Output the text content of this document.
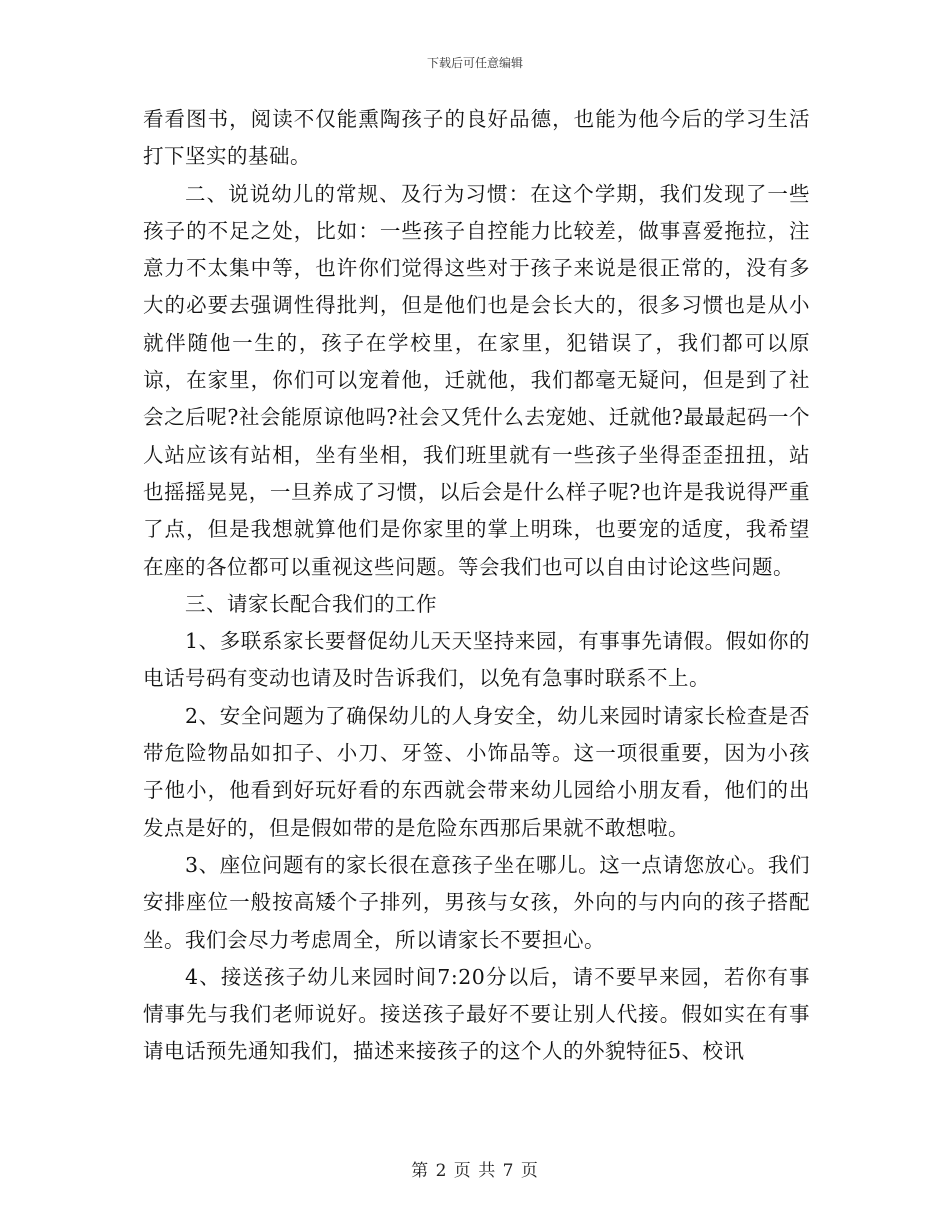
下载后可任意编辑

看看图书，阅读不仅能熏陶孩子的良好品德，也能为他今后的学习生活打下坚实的基础。

二、说说幼儿的常规、及行为习惯：在这个学期，我们发现了一些孩子的不足之处，比如：一些孩子自控能力比较差，做事喜爱拖拉，注意力不太集中等，也许你们觉得这些对于孩子来说是很正常的，没有多大的必要去强调性得批判，但是他们也是会长大的，很多习惯也是从小就伴随他一生的，孩子在学校里，在家里，犯错误了，我们都可以原谅，在家里，你们可以宠着他，迁就他，我们都毫无疑问，但是到了社会之后呢?社会能原谅他吗?社会又凭什么去宠她、迁就他?最最起码一个人站应该有站相，坐有坐相，我们班里就有一些孩子坐得歪歪扭扭，站也摇摇晃晃，一旦养成了习惯，以后会是什么样子呢?也许是我说得严重了点，但是我想就算他们是你家里的掌上明珠，也要宠的适度，我希望在座的各位都可以重视这些问题。等会我们也可以自由讨论这些问题。

三、请家长配合我们的工作

1、多联系家长要督促幼儿天天坚持来园，有事事先请假。假如你的电话号码有变动也请及时告诉我们，以免有急事时联系不上。

2、安全问题为了确保幼儿的人身安全，幼儿来园时请家长检查是否带危险物品如扣子、小刀、牙签、小饰品等。这一项很重要，因为小孩子他小，他看到好玩好看的东西就会带来幼儿园给小朋友看，他们的出发点是好的，但是假如带的是危险东西那后果就不敢想啦。

3、座位问题有的家长很在意孩子坐在哪儿。这一点请您放心。我们安排座位一般按高矮个子排列，男孩与女孩，外向的与内向的孩子搭配坐。我们会尽力考虑周全，所以请家长不要担心。

4、接送孩子幼儿来园时间7:20分以后，请不要早来园，若你有事情事先与我们老师说好。接送孩子最好不要让别人代接。假如实在有事请电话预先通知我们，描述来接孩子的这个人的外貌特征5、校讯

第 2 页 共 7 页
